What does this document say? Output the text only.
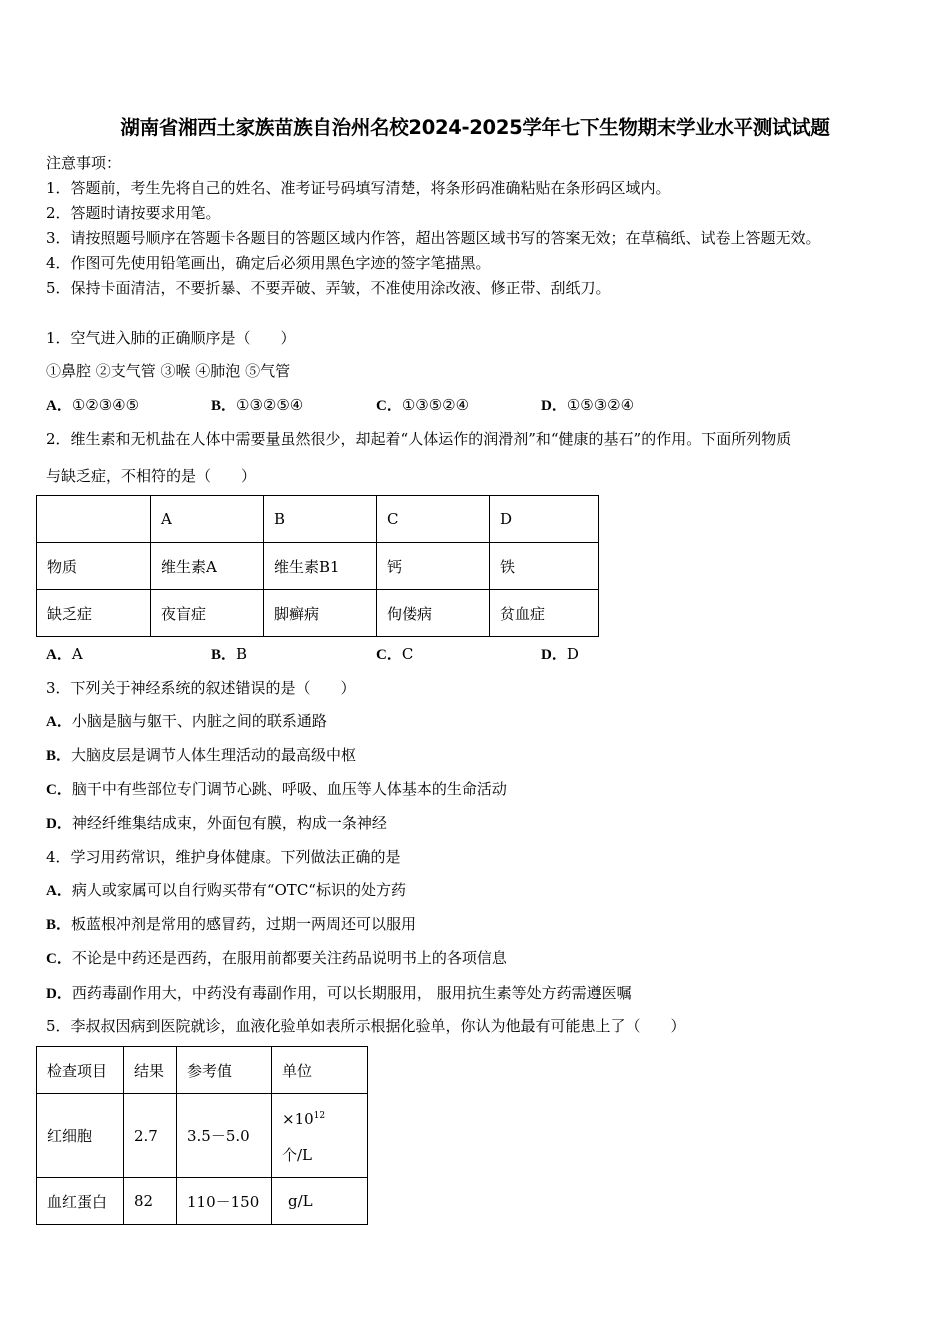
湖南省湘西土家族苗族自治州名校2024-2025学年七下生物期末学业水平测试试题
注意事项：
1．答题前，考生先将自己的姓名、准考证号码填写清楚，将条形码准确粘贴在条形码区域内。
2．答题时请按要求用笔。
3．请按照题号顺序在答题卡各题目的答题区域内作答，超出答题区域书写的答案无效；在草稿纸、试卷上答题无效。
4．作图可先使用铅笔画出，确定后必须用黑色字迹的签字笔描黑。
5．保持卡面清洁，不要折暴、不要弄破、弄皱，不准使用涂改液、修正带、刮纸刀。
1．空气进入肺的正确顺序是（　　）
①鼻腔 ②支气管 ③喉 ④肺泡 ⑤气管
A．①②③④⑤	B．①③②⑤④	C．①③⑤②④	D．①⑤③②④
2．维生素和无机盐在人体中需要量虽然很少，却起着“人体运作的润滑剂”和“健康的基石”的作用。下面所列物质
与缺乏症，不相符的是（　　）
	A	B	C	D
物质	维生素A	维生素B1	钙	铁
缺乏症	夜盲症	脚癣病	佝偻病	贫血症
A．A	B．B	C．C	D．D
3．下列关于神经系统的叙述错误的是（　　）
A．小脑是脑与躯干、内脏之间的联系通路
B．大脑皮层是调节人体生理活动的最高级中枢
C．脑干中有些部位专门调节心跳、呼吸、血压等人体基本的生命活动
D．神经纤维集结成束，外面包有膜，构成一条神经
4．学习用药常识，维护身体健康。下列做法正确的是
A．病人或家属可以自行购买带有“OTC“标识的处方药
B．板蓝根冲剂是常用的感冒药，过期一两周还可以服用
C．不论是中药还是西药，在服用前都要关注药品说明书上的各项信息
D．西药毒副作用大，中药没有毒副作用，可以长期服用， 服用抗生素等处方药需遵医嘱
5．李叔叔因病到医院就诊，血液化验单如表所示根据化验单，你认为他最有可能患上了（　　）
检查项目	结果	参考值	单位
红细胞	2.7	3.5－5.0	$\times 10^{12}$
个/L
血红蛋白	82	110－150	g/L
